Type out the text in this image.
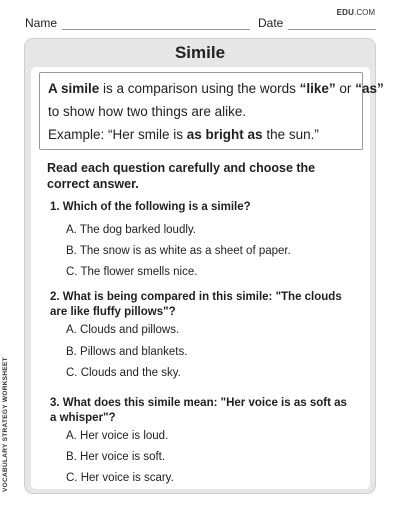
EDU.COM
Name	Date
VOCABULARY STRATEGY WORKSHEET
Simile
A simile is a comparison using the words “like” or “as”
to show how two things are alike.
Example: “Her smile is as bright as the sun.”
Read each question carefully and choose the correct answer.
1. Which of the following is a simile?
A. The dog barked loudly.
B. The snow is as white as a sheet of paper.
C. The flower smells nice.
2. What is being compared in this simile: "The clouds are like fluffy pillows"?
A. Clouds and pillows.
B. Pillows and blankets.
C. Clouds and the sky.
3. What does this simile mean: "Her voice is as soft as a whisper"?
A. Her voice is loud.
B. Her voice is soft.
C. Her voice is scary.
